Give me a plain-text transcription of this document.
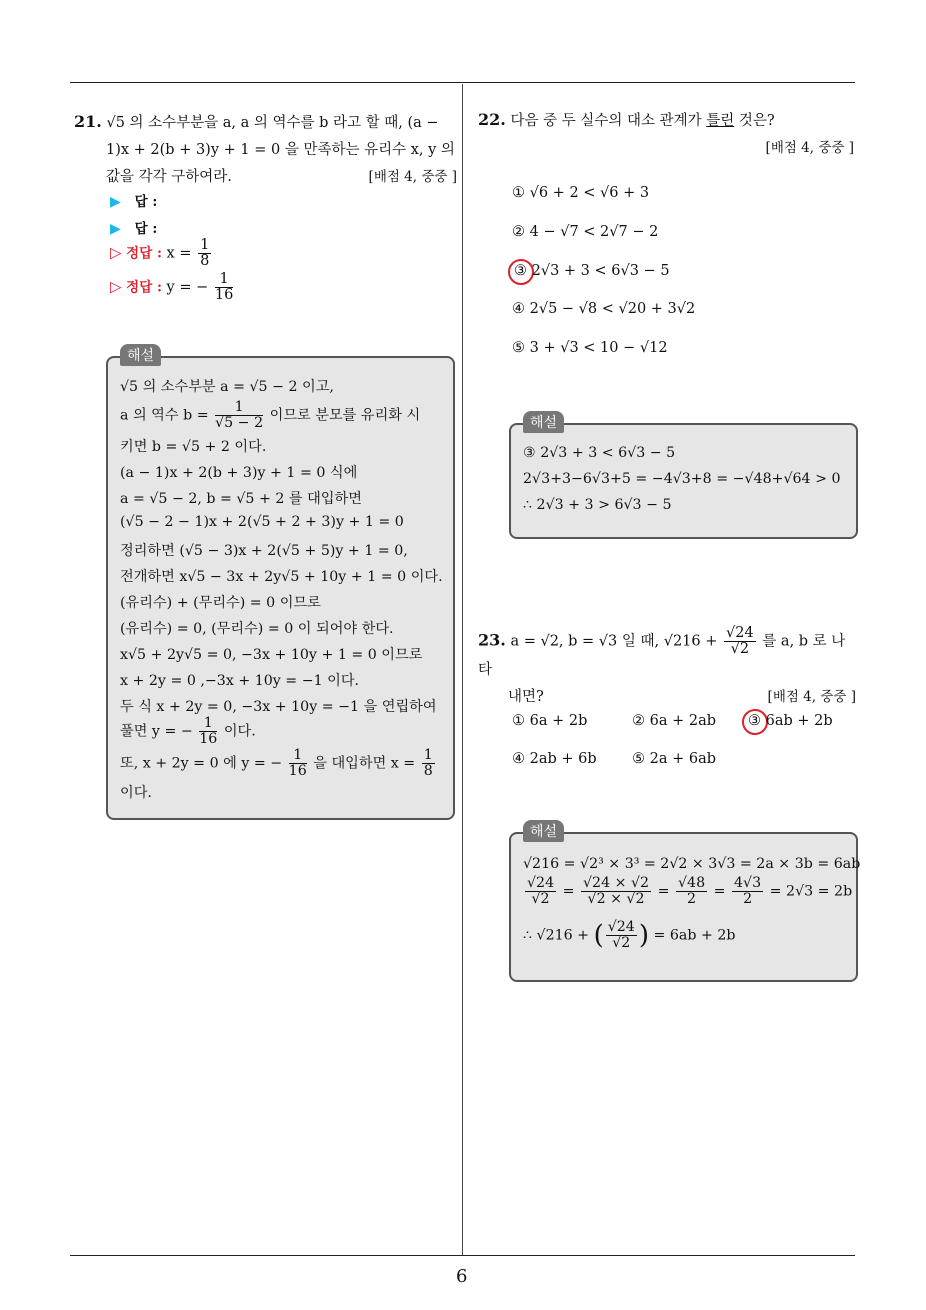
6
21. √5 의 소수부분을 a, a 의 역수를 b 라고 할 때, (a −
1)x + 2(b + 3)y + 1 = 0 을 만족하는 유리수 x, y 의
값을 각각 구하여라.	[배점 4, 중중 ]
▶ 답 :
▶ 답 :
▷ 정답 : $x = \frac{1}{8}$
▷ 정답 : y = − $\frac{1}{16}$
해설
√5 의 소수부분 a = √5 − 2 이고,
a 의 역수 $b = \frac{1}{√5 - 2}$ 이므로 분모를 유리화 시
키면 b = √5 + 2 이다.
(a − 1)x + 2(b + 3)y + 1 = 0 식에
a = √5 − 2, b = √5 + 2 를 대입하면
(√5 − 2 − 1)x + 2(√5 + 2 + 3)y + 1 = 0
정리하면 (√5 − 3)x + 2(√5 + 5)y + 1 = 0,
전개하면 x√5 − 3x + 2y√5 + 10y + 1 = 0 이다.
(유리수) + (무리수) = 0 이므로
(유리수) = 0, (무리수) = 0 이 되어야 한다.
x√5 + 2y√5 = 0, −3x + 10y + 1 = 0 이므로
x + 2y = 0 ,−3x + 10y = −1 이다.
두 식 x + 2y = 0, −3x + 10y = −1 을 연립하여
풀면 y = − $\frac{1}{16}$ 이다.
또, x + 2y = 0 에 y = − $\frac{1}{16}$ 을 대입하면 $x = \frac{1}{8}$
이다.
22. 다음 중 두 실수의 대소 관계가 틀린 것은?
[배점 4, 중중 ]
① √6 + 2 < √6 + 3
② 4 − √7 < 2√7 − 2
③ 2√3 + 3 < 6√3 − 5
④ 2√5 − √8 < √20 + 3√2
⑤ 3 + √3 < 10 − √12
해설
③ 2√3 + 3 < 6√3 − 5
2√3+3−6√3+5 = −4√3+8 = −√48+√64 > 0
∴ 2√3 + 3 > 6√3 − 5
23. a = √2, b = √3 일 때, $√216 + \frac{√24}{√2}$ 를 a, b 로 나타
내면?	[배점 4, 중중 ]
① 6a + 2b	② 6a + 2ab ③ 6ab + 2b
④ 2ab + 6b ⑤ 2a + 6ab
해설
√216 = √2³ × 3³ = 2√2 × 3√3 = 2a × 3b = 6ab
$\frac{√24}{√2} = \frac{√24 \times √2}{√2 \times √2} = \frac{√48}{2} = \frac{4√3}{2} = 2√3 = 2b$
∴ √216 + ( $\frac{√24}{√2}$ ) = 6ab + 2b
